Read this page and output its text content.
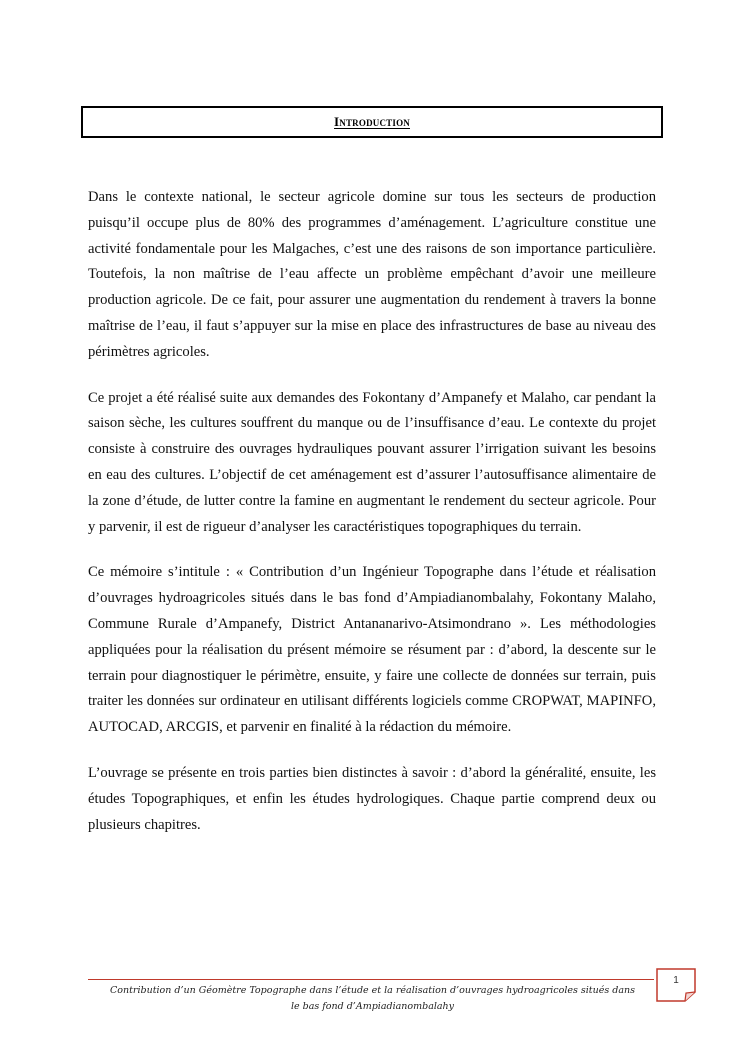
Introduction

Dans le contexte national, le secteur agricole domine sur tous les secteurs de production puisqu’il occupe plus de 80% des programmes d’aménagement. L’agriculture constitue une activité fondamentale pour les Malgaches, c’est une des raisons de son importance particulière. Toutefois, la non maîtrise de l’eau affecte un problème empêchant d’avoir une meilleure production agricole. De ce fait, pour assurer une augmentation du rendement à travers la bonne maîtrise de l’eau, il faut s’appuyer sur la mise en place des infrastructures de base au niveau des périmètres agricoles.

Ce projet a été réalisé suite aux demandes des Fokontany d’Ampanefy et Malaho, car pendant la saison sèche, les cultures souffrent du manque ou de l’insuffisance d’eau. Le contexte du projet consiste à construire des ouvrages hydrauliques pouvant assurer l’irrigation suivant les besoins en eau des cultures. L’objectif de cet aménagement est d’assurer l’autosuffisance alimentaire de la zone d’étude, de lutter contre la famine en augmentant le rendement du secteur agricole. Pour y parvenir, il est de rigueur d’analyser les caractéristiques topographiques du terrain.

Ce mémoire s’intitule : « Contribution d’un Ingénieur Topographe dans l’étude et réalisation d’ouvrages hydroagricoles situés dans le bas fond d’Ampiadianombalahy, Fokontany Malaho, Commune Rurale d’Ampanefy, District Antananarivo-Atsimondrano ». Les méthodologies appliquées pour la réalisation du présent mémoire se résument par : d’abord, la descente sur le terrain pour diagnostiquer le périmètre, ensuite, y faire une collecte de données sur terrain, puis traiter les données sur ordinateur en utilisant différents logiciels comme CROPWAT, MAPINFO, AUTOCAD, ARCGIS, et parvenir en finalité à la rédaction du mémoire.

L’ouvrage se présente en trois parties bien distinctes à savoir : d’abord la généralité, ensuite, les études Topographiques, et enfin les études hydrologiques. Chaque partie comprend deux ou plusieurs chapitres.

Contribution d’un Géomètre Topographe dans l’étude et la réalisation d’ouvrages hydroagricoles situés dans le bas fond d’Ampiadianombalahy
1
